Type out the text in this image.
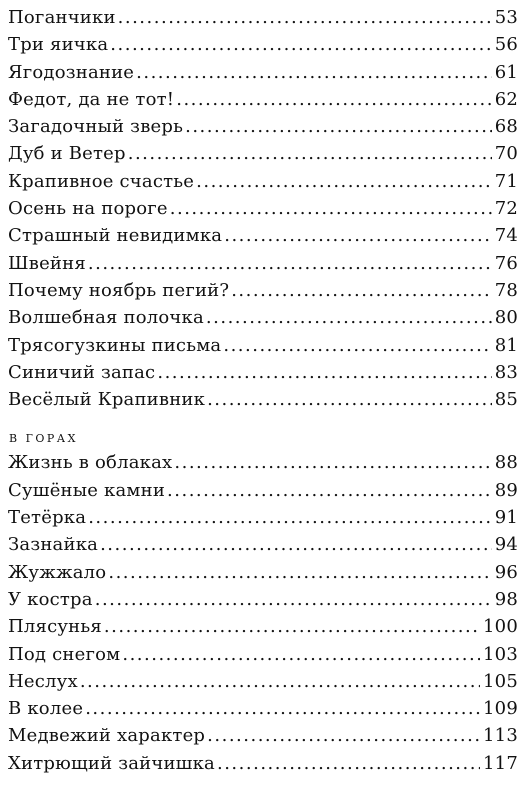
Поганчики .....	53
Три яичка .....	56
Ягодознание .....	61
Федот, да не тот! .....	62
Загадочный зверь .....	68
Дуб и Ветер .....	70
Крапивное счастье .....	71
Осень на пороге .....	72
Страшный невидимка .....	74
Швейня .....	76
Почему ноябрь пегий? .....	78
Волшебная полочка .....	80
Трясогузкины письма .....	81
Синичий запас .....	83
Весёлый Крапивник .....	85
В ГОРАХ
Жизнь в облаках .....	88
Сушёные камни .....	89
Тетёрка .....	91
Зазнайка .....	94
Жужжало .....	96
У костра .....	98
Плясунья .....	100
Под снегом .....	103
Неслух .....	105
В колее .....	109
Медвежий характер .....	113
Хитрющий зайчишка .....	117
